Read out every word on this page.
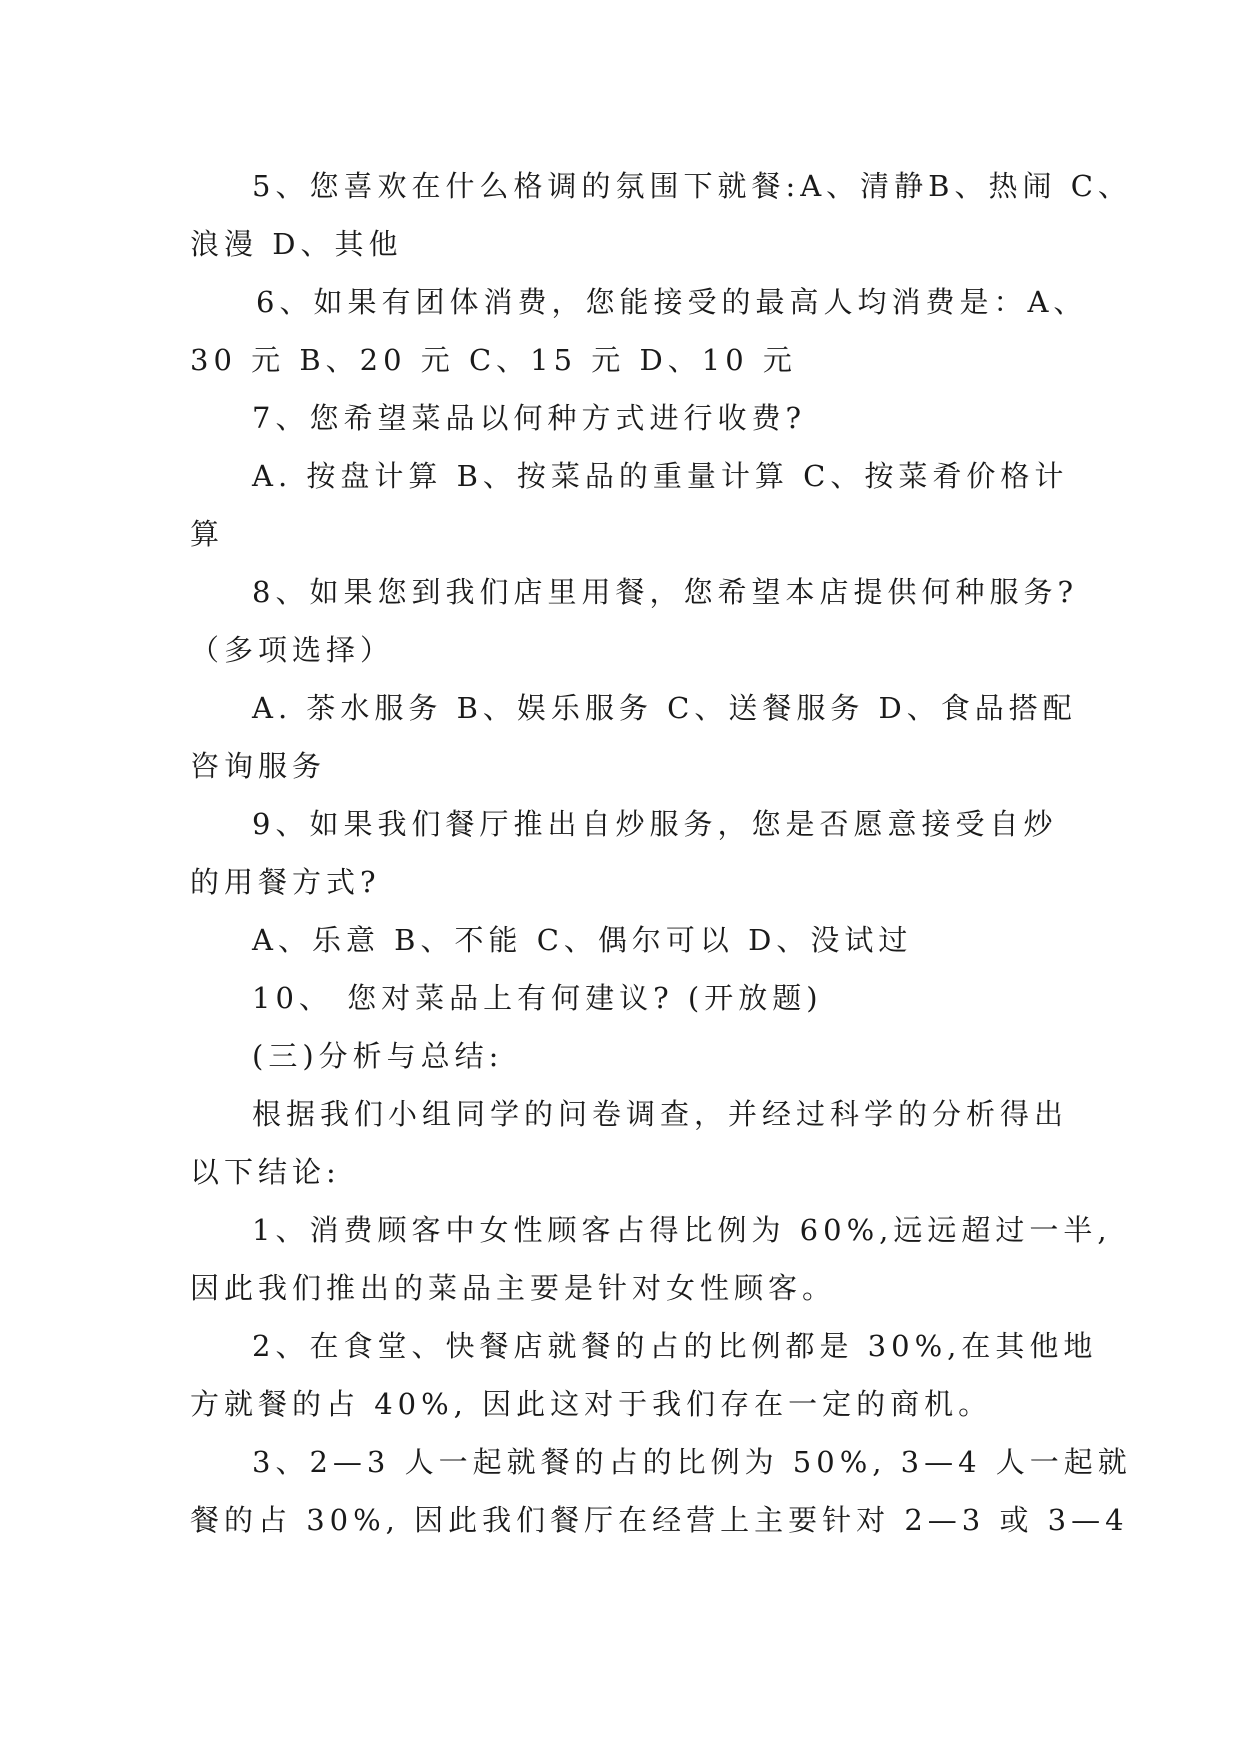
5、您喜欢在什么格调的氛围下就餐:A、清静B、热闹 C、
浪漫 D、其他
6、如果有团体消费，您能接受的最高人均消费是：A、
30 元 B、20 元 C、15 元 D、10 元
7、您希望菜品以何种方式进行收费?
A. 按盘计算 B、按菜品的重量计算 C、按菜肴价格计
算
8、如果您到我们店里用餐，您希望本店提供何种服务?
（多项选择）
A. 茶水服务 B、娱乐服务 C、送餐服务 D、食品搭配
咨询服务
9、如果我们餐厅推出自炒服务，您是否愿意接受自炒
的用餐方式?
A、乐意 B、不能 C、偶尔可以 D、没试过
10、 您对菜品上有何建议? (开放题)
(三)分析与总结:
根据我们小组同学的问卷调查，并经过科学的分析得出
以下结论:
1、消费顾客中女性顾客占得比例为 60%,远远超过一半,
因此我们推出的菜品主要是针对女性顾客。
2、在食堂、快餐店就餐的占的比例都是 30%,在其他地
方就餐的占 40%, 因此这对于我们存在一定的商机。
3、2—3 人一起就餐的占的比例为 50%, 3—4 人一起就
餐的占 30%, 因此我们餐厅在经营上主要针对 2—3 或 3—4
